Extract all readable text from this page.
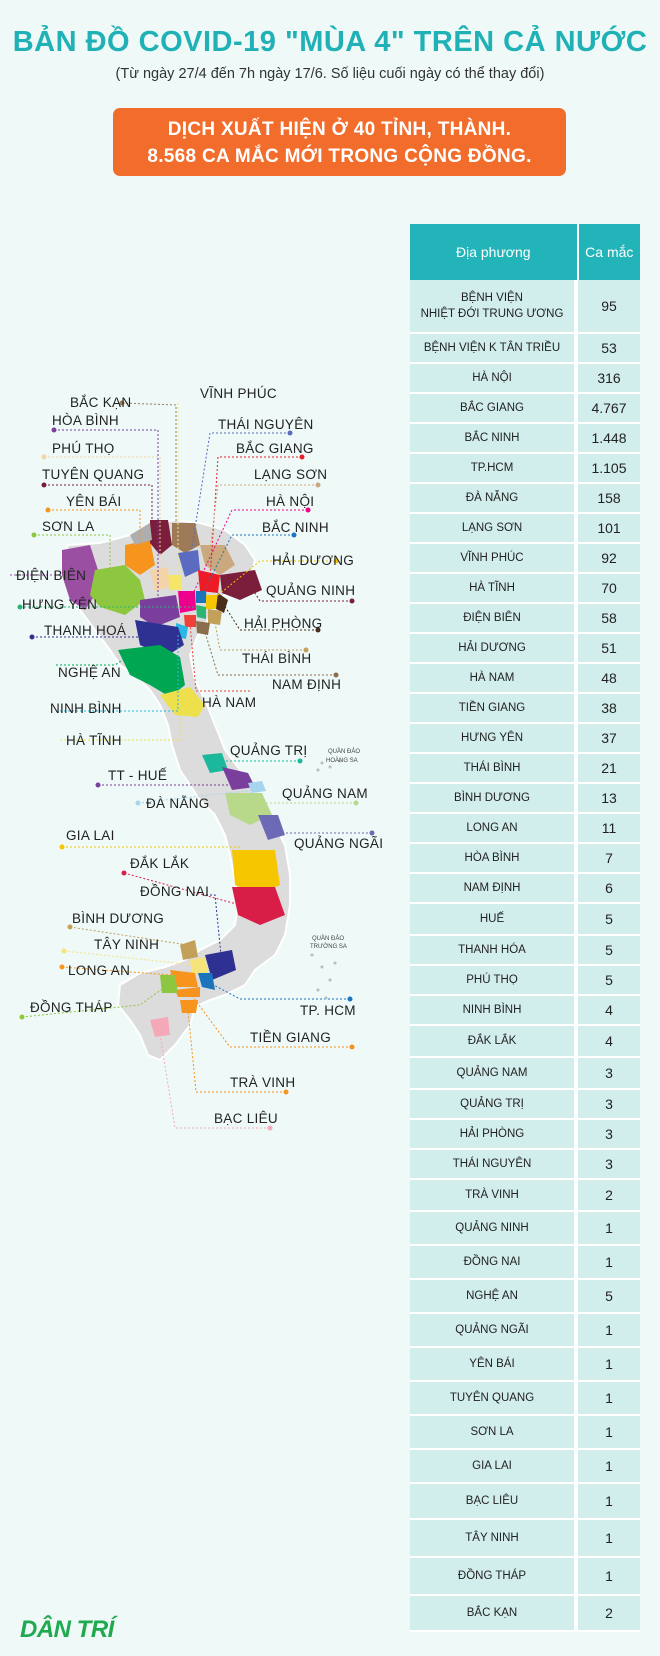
BẢN ĐỒ COVID-19 "MÙA 4" TRÊN CẢ NƯỚC
(Từ ngày 27/4 đến 7h ngày 17/6. Số liệu cuối ngày có thể thay đổi)
DỊCH XUẤT HIỆN Ở 40 TỈNH, THÀNH.
8.568 CA MẮC MỚI TRONG CỘNG ĐỒNG.
BẮC KẠN
HÒA BÌNH
PHÚ THỌ
TUYÊN QUANG
YÊN BÁI
SƠN LA
ĐIỆN BIÊN
HƯNG YÊN
THANH HOÁ
NGHỆ AN
NINH BÌNH
HÀ TĨNH
VĨNH PHÚC
THÁI NGUYÊN
BẮC GIANG
LẠNG SƠN
HÀ NỘI
BẮC NINH
HẢI DƯƠNG
QUẢNG NINH
HẢI PHÒNG
THÁI BÌNH
NAM ĐỊNH
HÀ NAM
QUẢNG TRỊ	QUẦN ĐẢO
HOÀNG SA
TT - HUẾ
ĐÀ NẴNG
QUẢNG NAM
QUẢNG NGÃI
GIA LAI
ĐẮK LẮK
ĐỒNG NAI
QUẦN ĐẢO
TRƯỜNG SA
BÌNH DƯƠNG
TÂY NINH
LONG AN
ĐỒNG THÁP	TP. HCM
TIỀN GIANG
TRÀ VINH
BẠC LIÊU
Địa phương	Ca mắc
BỆNH VIỆN
NHIỆT ĐỚI TRUNG ƯƠNG	95
BỆNH VIỆN K TÂN TRIỀU	53
HÀ NỘI	316
BẮC GIANG	4.767
BẮC NINH	1.448
TP.HCM	1.105
ĐÀ NẴNG	158
LẠNG SƠN	101
VĨNH PHÚC	92
HÀ TĨNH	70
ĐIỆN BIÊN	58
HẢI DƯƠNG	51
HÀ NAM	48
TIỀN GIANG	38
HƯNG YÊN	37
THÁI BÌNH	21
BÌNH DƯƠNG	13
LONG AN	11
HÒA BÌNH	7
NAM ĐỊNH	6
HUẾ	5
THANH HÓA	5
PHÚ THỌ	5
NINH BÌNH	4
ĐẮK LẮK	4
QUẢNG NAM	3
QUẢNG TRỊ	3
HẢI PHÒNG	3
THÁI NGUYÊN	3
TRÀ VINH	2
QUẢNG NINH	1
ĐỒNG NAI	1
NGHỆ AN	5
QUẢNG NGÃI	1
YÊN BÁI	1
TUYÊN QUANG	1
SƠN LA	1
GIA LAI	1
BẠC LIÊU	1
TÂY NINH	1
ĐỒNG THÁP	1
BẮC KẠN	2
DÂN TRÍ
